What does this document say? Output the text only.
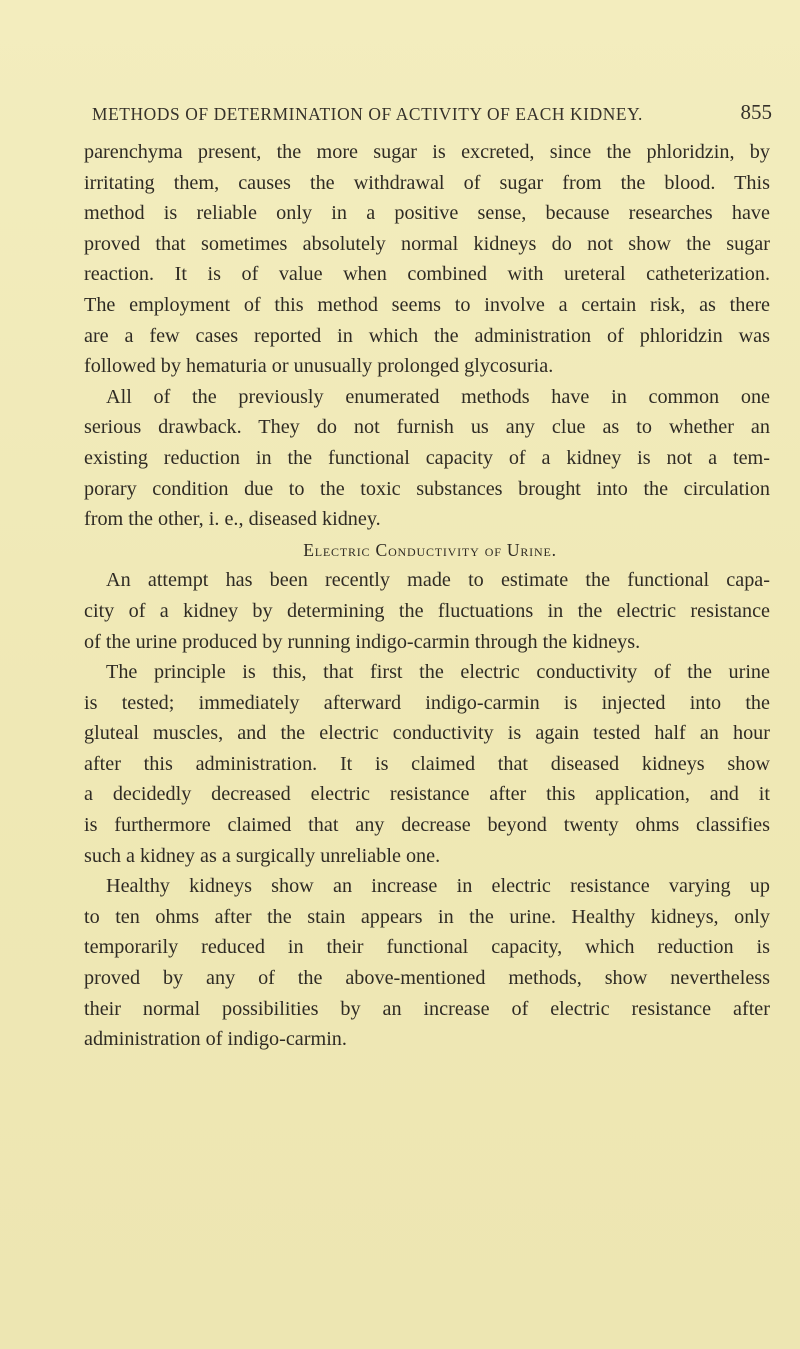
METHODS OF DETERMINATION OF ACTIVITY OF EACH KIDNEY.	855
parenchyma present, the more sugar is excreted, since the phloridzin, by
irritating them, causes the withdrawal of sugar from the blood. This
method is reliable only in a positive sense, because researches have
proved that sometimes absolutely normal kidneys do not show the sugar
reaction. It is of value when combined with ureteral catheterization.
The employment of this method seems to involve a certain risk, as there
are a few cases reported in which the administration of phloridzin was
followed by hematuria or unusually prolonged glycosuria.
All of the previously enumerated methods have in common one
serious drawback. They do not furnish us any clue as to whether an
existing reduction in the functional capacity of a kidney is not a tem-
porary condition due to the toxic substances brought into the circulation
from the other, i. e., diseased kidney.
Electric Conductivity of Urine.
An attempt has been recently made to estimate the functional capa-
city of a kidney by determining the fluctuations in the electric resistance
of the urine produced by running indigo-carmin through the kidneys.
The principle is this, that first the electric conductivity of the urine
is tested; immediately afterward indigo-carmin is injected into the
gluteal muscles, and the electric conductivity is again tested half an hour
after this administration. It is claimed that diseased kidneys show
a decidedly decreased electric resistance after this application, and it
is furthermore claimed that any decrease beyond twenty ohms classifies
such a kidney as a surgically unreliable one.
Healthy kidneys show an increase in electric resistance varying up
to ten ohms after the stain appears in the urine. Healthy kidneys, only
temporarily reduced in their functional capacity, which reduction is
proved by any of the above-mentioned methods, show nevertheless
their normal possibilities by an increase of electric resistance after
administration of indigo-carmin.
